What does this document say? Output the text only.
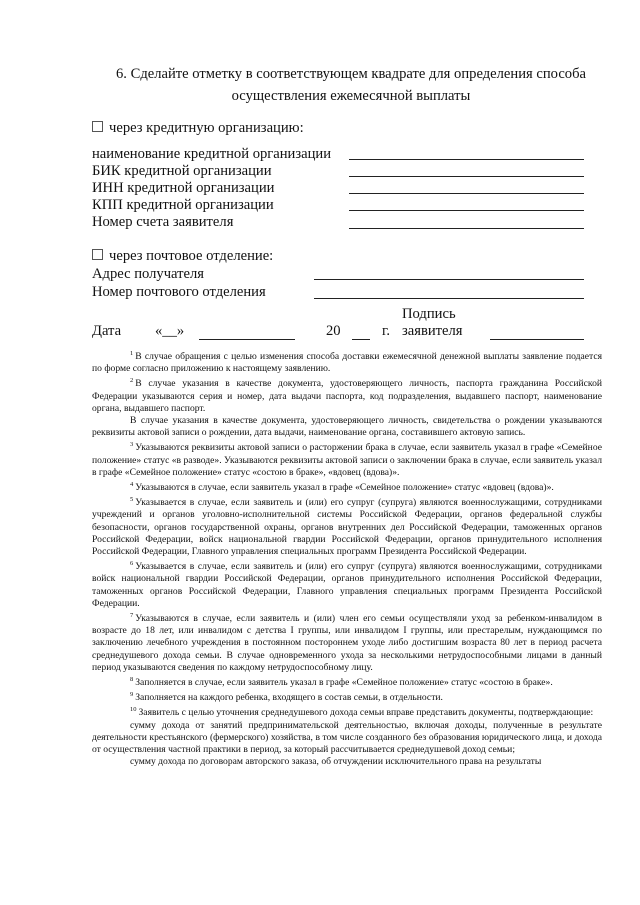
6. Сделайте отметку в соответствующем квадрате для определения способа
осуществления ежемесячной выплаты
через кредитную организацию:
наименование кредитной организации
БИК кредитной организации
ИНН кредитной организации
КПП кредитной организации
Номер счета заявителя
через почтовое отделение:
Адрес получателя
Номер почтового отделения
Подпись
Дата «__»	20	г. заявителя

$^1$ В случае обращения с целью изменения способа доставки ежемесячной денежной выплаты заявление подается по форме согласно приложению к настоящему заявлению.

$^2$ В случае указания в качестве документа, удостоверяющего личность, паспорта гражданина Российской Федерации указываются серия и номер, дата выдачи паспорта, код подразделения, выдавшего паспорт, наименование органа, выдавшего паспорт.

В случае указания в качестве документа, удостоверяющего личность, свидетельства о рождении указываются реквизиты актовой записи о рождении, дата выдачи, наименование органа, составившего актовую запись.

$^3$ Указываются реквизиты актовой записи о расторжении брака в случае, если заявитель указал в графе «Семейное положение» статус «в разводе». Указываются реквизиты актовой записи о заключении брака в случае, если заявитель указал в графе «Семейное положение» статус «состою в браке», «вдовец (вдова)».

$^4$ Указываются в случае, если заявитель указал в графе «Семейное положение» статус «вдовец (вдова)».

$^5$ Указывается в случае, если заявитель и (или) его супруг (супруга) являются военнослужащими, сотрудниками учреждений и органов уголовно-исполнительной системы Российской Федерации, органов федеральной службы безопасности, органов государственной охраны, органов внутренних дел Российской Федерации, таможенных органов Российской Федерации, войск национальной гвардии Российской Федерации, органов принудительного исполнения Российской Федерации, Главного управления специальных программ Президента Российской Федерации.

$^6$ Указывается в случае, если заявитель и (или) его супруг (супруга) являются военнослужащими, сотрудниками войск национальной гвардии Российской Федерации, органов принудительного исполнения Российской Федерации, таможенных органов Российской Федерации, Главного управления специальных программ Президента Российской Федерации.

$^7$ Указываются в случае, если заявитель и (или) член его семьи осуществляли уход за ребенком-инвалидом в возрасте до 18 лет, или инвалидом с детства I группы, или инвалидом I группы, или престарелым, нуждающимся по заключению лечебного учреждения в постоянном постороннем уходе либо достигшим возраста 80 лет в период расчета среднедушевого дохода семьи. В случае одновременного ухода за несколькими нетрудоспособными лицами в данный период указываются сведения по каждому нетрудоспособному лицу.

$^8$ Заполняется в случае, если заявитель указал в графе «Семейное положение» статус «состою в браке».

$^9$ Заполняется на каждого ребенка, входящего в состав семьи, в отдельности.

$^{10}$ Заявитель с целью уточнения среднедушевого дохода семьи вправе представить документы, подтверждающие:

сумму дохода от занятий предпринимательской деятельностью, включая доходы, полученные в результате деятельности крестьянского (фермерского) хозяйства, в том числе созданного без образования юридического лица, и дохода от осуществления частной практики в период, за который рассчитывается среднедушевой доход семьи;

сумму дохода по договорам авторского заказа, об отчуждении исключительного права на результаты
